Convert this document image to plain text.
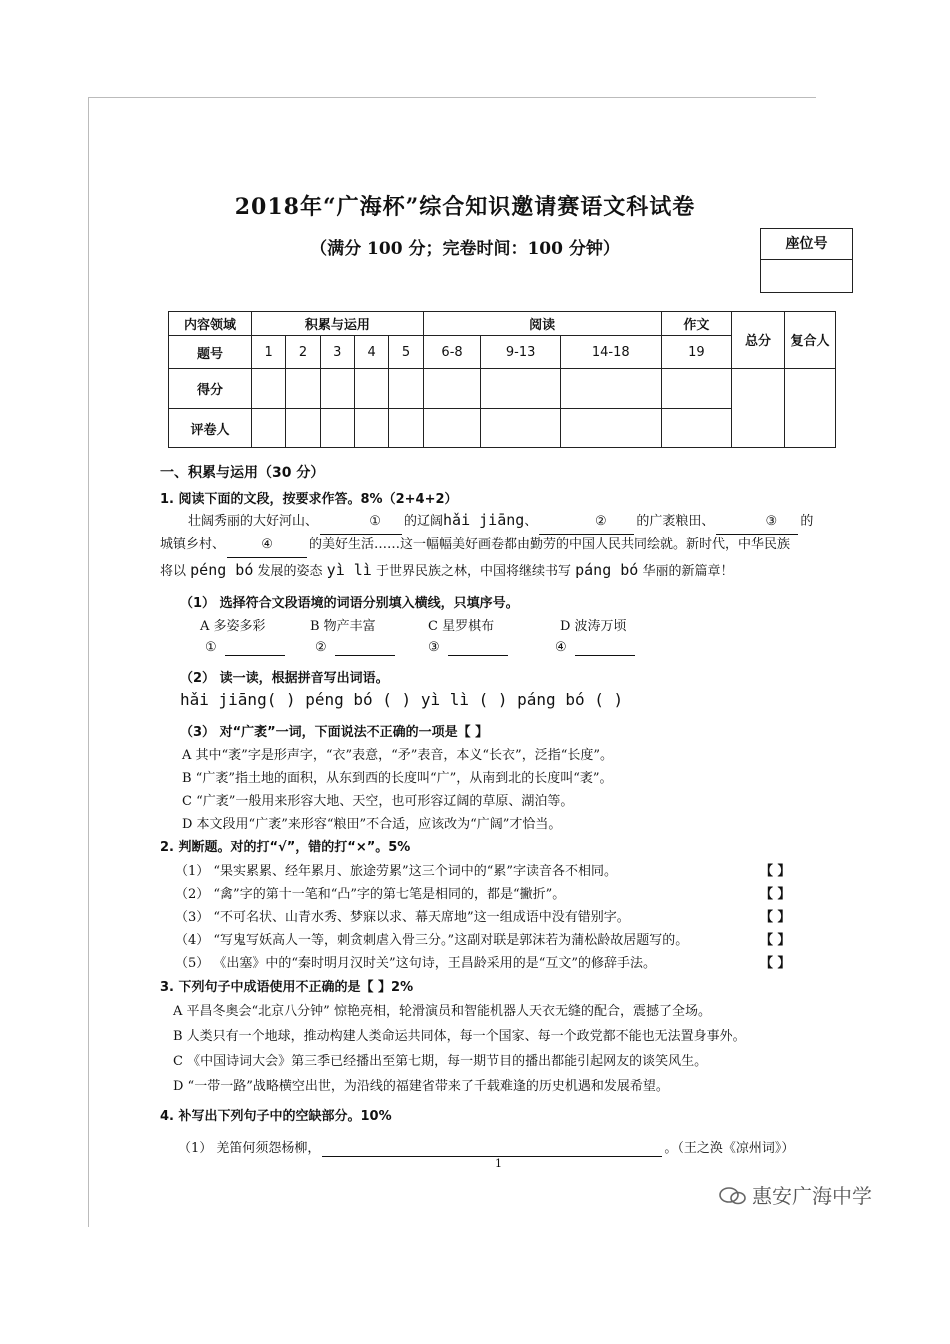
2018年“广海杯”综合知识邀请赛语文科试卷
（满分 100 分；完卷时间：100 分钟）	座位号
内容领域	积累与运用					阅读			作文	总分	复合人
题号	1	2	3	4	5	6-8	9-13	14-18	19		
得分											
评卷人											
一、积累与运用（30 分）
1. 阅读下面的文段，按要求作答。8%（2+4+2）
壮阔秀丽的大好河山、	① 的辽阔hǎi jiāng、	② 的广袤粮田、	③ 的
城镇乡村、	④	的美好生活……这一幅幅美好画卷都由勤劳的中国人民共同绘就。新时代，中华民族
将以 péng bó 发展的姿态 yì lì 于世界民族之林，中国将继续书写 páng bó 华丽的新篇章！
（1） 选择符合文段语境的词语分别填入横线，只填序号。
A 多姿多彩	B 物产丰富	C 星罗棋布	D 波涛万顷
①	②	③	④
（2） 读一读，根据拼音写出词语。
hǎi jiāng( ) péng bó ( ) yì lì ( ) páng bó ( )
（3） 对“广袤”一词，下面说法不正确的一项是【 】
A 其中“袤”字是形声字，“衣”表意，“矛”表音，本义“长衣”，泛指“长度”。
B “广袤”指土地的面积，从东到西的长度叫“广”，从南到北的长度叫“袤”。
C “广袤”一般用来形容大地、天空，也可形容辽阔的草原、湖泊等。
D 本文段用“广袤”来形容“粮田”不合适，应该改为“广阔”才恰当。
2. 判断题。对的打“√”，错的打“×”。5%
（1） “果实累累、经年累月、旅途劳累”这三个词中的“累”字读音各不相同。	【 】
（2） “禽”字的第十一笔和“凸”字的第七笔是相同的，都是“撇折”。	【 】
（3） “不可名状、山青水秀、梦寐以求、幕天席地”这一组成语中没有错别字。	【 】
（4） “写鬼写妖高人一等，刺贪刺虐入骨三分。”这副对联是郭沫若为蒲松龄故居题写的。	【 】
（5） 《出塞》中的“秦时明月汉时关”这句诗，王昌龄采用的是“互文”的修辞手法。	【 】
3. 下列句子中成语使用不正确的是【 】2%
A 平昌冬奥会“北京八分钟” 惊艳亮相，轮滑演员和智能机器人天衣无缝的配合，震撼了全场。
B 人类只有一个地球，推动构建人类命运共同体，每一个国家、每一个政党都不能也无法置身事外。
C 《中国诗词大会》第三季已经播出至第七期，每一期节目的播出都能引起网友的谈笑风生。
D “一带一路”战略横空出世，为沿线的福建省带来了千载难逢的历史机遇和发展希望。
4. 补写出下列句子中的空缺部分。10%
（1） 羌笛何须怨杨柳，	。（王之涣《凉州词》）
1
惠安广海中学
